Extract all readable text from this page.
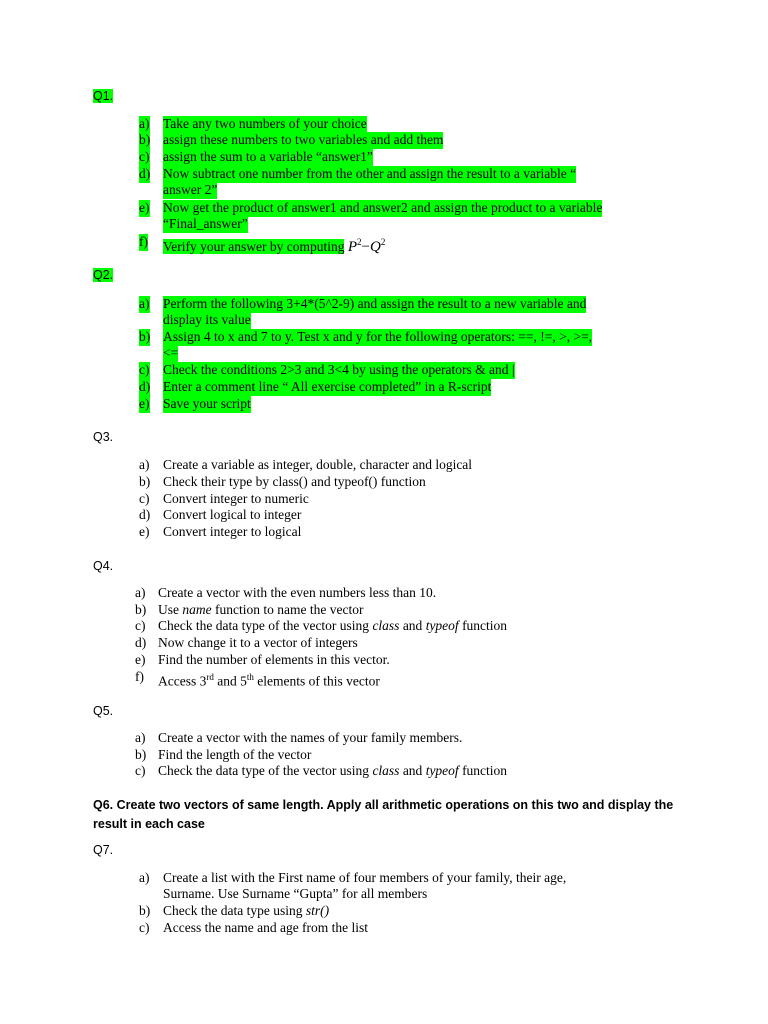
Q1.
a) Take any two numbers of your choice
b) assign these numbers to two variables and add them
c) assign the sum to a variable “answer1”
d) Now subtract one number from the other and assign the result to a variable “
answer 2”
e) Now get the product of answer1 and answer2 and assign the product to a variable
“Final_answer”
f) Verify your answer by computing $P^2-Q^2$
Q2.
a) Perform the following 3+4*(5^2-9) and assign the result to a new variable and
display its value
b) Assign 4 to x and 7 to y. Test x and y for the following operators: ==, !=, >, >=,
<=
c) Check the conditions 2>3 and 3<4 by using the operators & and |
d) Enter a comment line “ All exercise completed” in a R-script
e) Save your script
Q3.
a) Create a variable as integer, double, character and logical
b) Check their type by class() and typeof() function
c) Convert integer to numeric
d) Convert logical to integer
e) Convert integer to logical
Q4.
a) Create a vector with the even numbers less than 10.
b) Use name function to name the vector
c) Check the data type of the vector using class and typeof function
d) Now change it to a vector of integers
e) Find the number of elements in this vector.
f) Access 3rd and 5th elements of this vector
Q5.
a) Create a vector with the names of your family members.
b) Find the length of the vector
c) Check the data type of the vector using class and typeof function
Q6. Create two vectors of same length. Apply all arithmetic operations on this two and display the
result in each case
Q7.
a) Create a list with the First name of four members of your family, their age,
Surname. Use Surname “Gupta” for all members
b) Check the data type using str()
c) Access the name and age from the list
